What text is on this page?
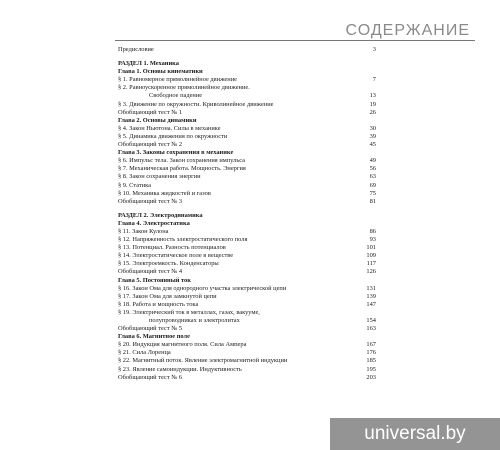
СОДЕРЖАНИЕ
Предисловие	3
РАЗДЕЛ 1. Механика
Глава 1. Основы кинематики
§ 1. Равномерное прямолинейное движение	7
§ 2. Равноускоренное прямолинейное движение.
Свободное падение	13
§ 3. Движение по окружности. Криволинейное движение	19
Обобщающий тест № 1	26
Глава 2. Основы динамики
§ 4. Закон Ньютона. Силы в механике	30
§ 5. Динамика движения по окружности	39
Обобщающий тест № 2	45
Глава 3. Законы сохранения в механике
§ 6. Импульс тела. Закон сохранения импульса	49
§ 7. Механическая работа. Мощность. Энергия	56
§ 8. Закон сохранения энергии	63
§ 9. Статика	69
§ 10. Механика жидкостей и газов	75
Обобщающий тест № 3	81
РАЗДЕЛ 2. Электродинамика
Глава 4. Электростатика
§ 11. Закон Кулона	86
§ 12. Напряженность электростатического поля	93
§ 13. Потенциал. Разность потенциалов	101
§ 14. Электростатическое поле в веществе	109
§ 15. Электроемкость. Конденсаторы	117
Обобщающий тест № 4	126
Глава 5. Постоянный ток
§ 16. Закон Ома для однородного участка электрической цепи	131
§ 17. Закон Ома для замкнутой цепи	139
§ 18. Работа и мощность тока	147
§ 19. Электрический ток в металлах, газах, вакууме,
полупроводниках и электролитах	154
Обобщающий тест № 5	163
Глава 6. Магнитное поле
§ 20. Индукция магнитного поля. Сила Ампера	167
§ 21. Сила Лоренца	176
§ 22. Магнитный поток. Явление электромагнитной индукции	185
§ 23. Явление самоиндукции. Индуктивность	195
Обобщающий тест № 6	203
universal.by
